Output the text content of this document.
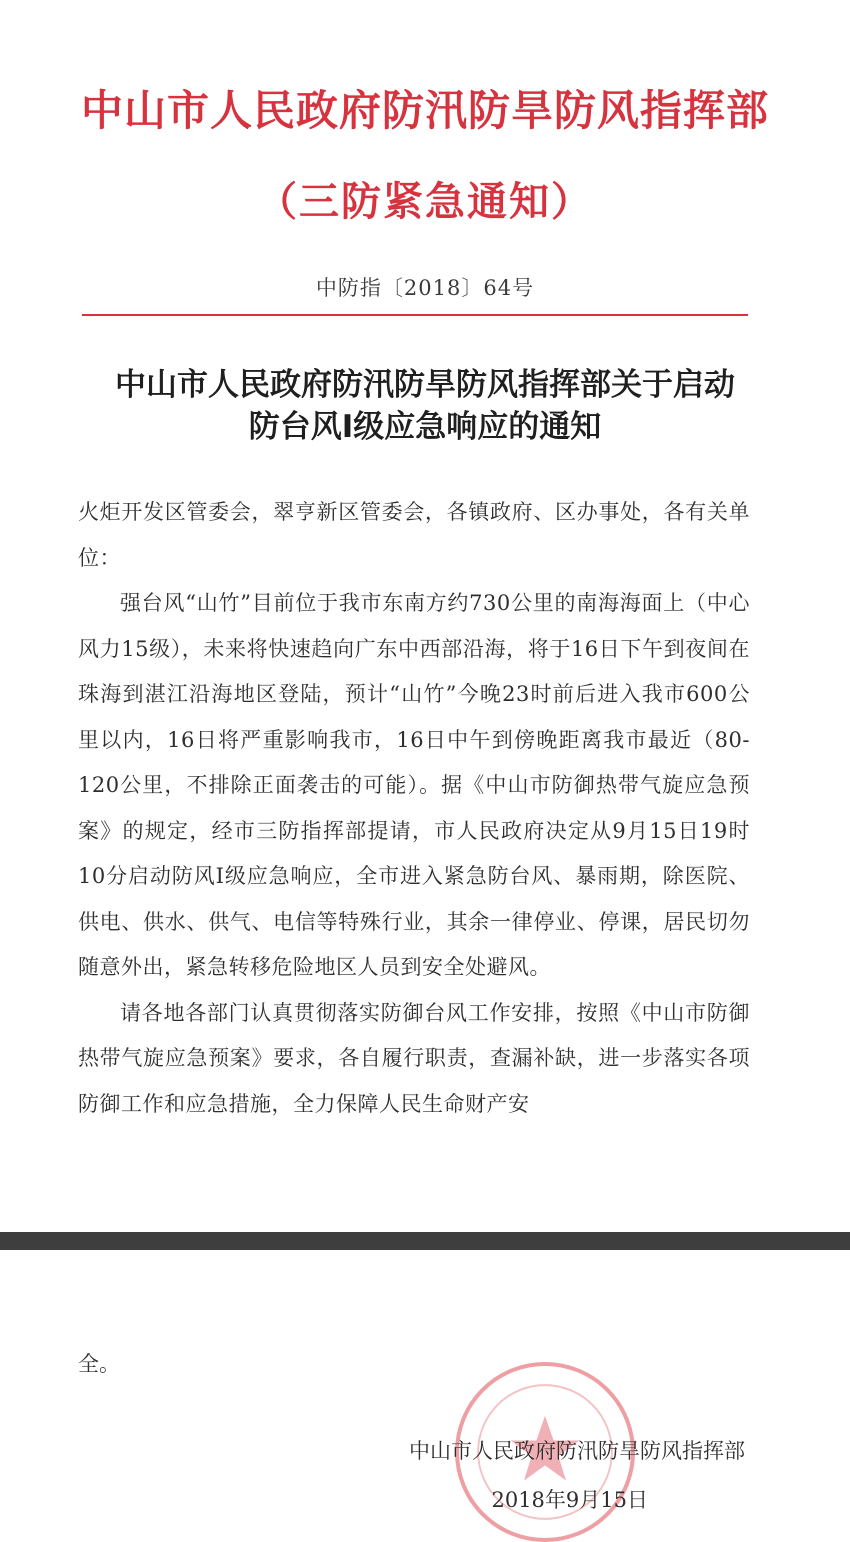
中山市人民政府防汛防旱防风指挥部
（三防紧急通知）
中防指〔2018〕64号
中山市人民政府防汛防旱防风指挥部关于启动
防台风Ⅰ级应急响应的通知

火炬开发区管委会，翠亨新区管委会，各镇政府、区办事处，各有关单位：

强台风“山竹”目前位于我市东南方约730公里的南海海面上（中心风力15级），未来将快速趋向广东中西部沿海，将于16日下午到夜间在珠海到湛江沿海地区登陆，预计“山竹”今晚23时前后进入我市600公里以内，16日将严重影响我市，16日中午到傍晚距离我市最近（80-120公里，不排除正面袭击的可能）。据《中山市防御热带气旋应急预案》的规定，经市三防指挥部提请，市人民政府决定从9月15日19时10分启动防风Ⅰ级应急响应，全市进入紧急防台风、暴雨期，除医院、供电、供水、供气、电信等特殊行业，其余一律停业、停课，居民切勿随意外出，紧急转移危险地区人员到安全处避风。

请各地各部门认真贯彻落实防御台风工作安排，按照《中山市防御热带气旋应急预案》要求，各自履行职责，查漏补缺，进一步落实各项防御工作和应急措施，全力保障人民生命财产安

全。
中山市人民政府防汛防旱防风指挥部
2018年9月15日
